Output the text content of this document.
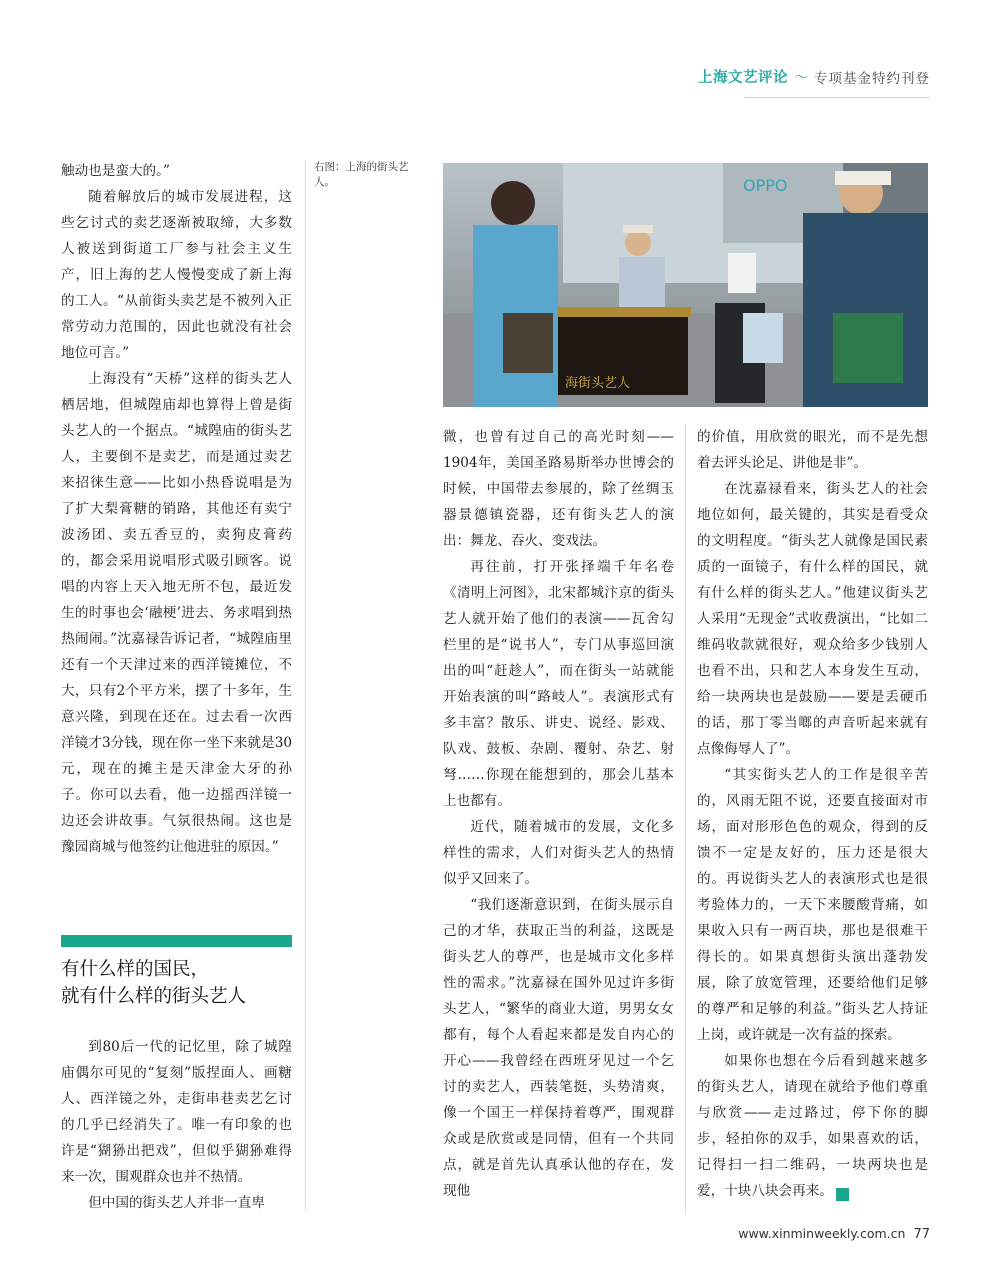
上海文艺评论 〜 专项基金特约刊登

触动也是蛮大的。”

随着解放后的城市发展进程，这些乞讨式的卖艺逐渐被取缔，大多数人被送到街道工厂参与社会主义生产，旧上海的艺人慢慢变成了新上海的工人。“从前街头卖艺是不被列入正常劳动力范围的，因此也就没有社会地位可言。”

上海没有“天桥”这样的街头艺人栖居地，但城隍庙却也算得上曾是街头艺人的一个据点。“城隍庙的街头艺人，主要倒不是卖艺，而是通过卖艺来招徕生意——比如小热昏说唱是为了扩大梨膏糖的销路，其他还有卖宁波汤团、卖五香豆的，卖狗皮膏药的，都会采用说唱形式吸引顾客。说唱的内容上天入地无所不包，最近发生的时事也会‘融梗’进去、务求唱到热热闹闹。”沈嘉禄告诉记者，“城隍庙里还有一个天津过来的西洋镜摊位，不大，只有2个平方米，摆了十多年，生意兴隆，到现在还在。过去看一次西洋镜才3分钱，现在你一坐下来就是30元，现在的摊主是天津金大牙的孙子。你可以去看，他一边摇西洋镜一边还会讲故事。气氛很热闹。这也是豫园商城与他签约让他进驻的原因。”

有什么样的国民，
就有什么样的街头艺人

到80后一代的记忆里，除了城隍庙偶尔可见的“复刻”版捏面人、画糖人、西洋镜之外，走街串巷卖艺乞讨的几乎已经消失了。唯一有印象的也许是“猢狲出把戏”，但似乎猢狲难得来一次，围观群众也并不热情。

但中国的街头艺人并非一直卑

右图：上海的街头艺人。	OPPO
海街头艺人

微，也曾有过自己的高光时刻——1904年，美国圣路易斯举办世博会的时候，中国带去参展的，除了丝绸玉器景德镇瓷器，还有街头艺人的演出：舞龙、吞火、变戏法。

再往前，打开张择端千年名卷《清明上河图》，北宋都城汴京的街头艺人就开始了他们的表演——瓦舍勾栏里的是“说书人”，专门从事巡回演出的叫“赶趁人”，而在街头一站就能开始表演的叫“路岐人”。表演形式有多丰富？散乐、讲史、说经、影戏、队戏、鼓板、杂剧、覆射、杂艺、射弩……你现在能想到的，那会儿基本上也都有。

近代，随着城市的发展，文化多样性的需求，人们对街头艺人的热情似乎又回来了。

“我们逐渐意识到，在街头展示自己的才华，获取正当的利益，这既是街头艺人的尊严，也是城市文化多样性的需求。”沈嘉禄在国外见过许多街头艺人，“繁华的商业大道，男男女女都有，每个人看起来都是发自内心的开心——我曾经在西班牙见过一个乞讨的卖艺人，西装笔挺，头势清爽，像一个国王一样保持着尊严，围观群众或是欣赏或是同情，但有一个共同点，就是首先认真承认他的存在，发现他

的价值，用欣赏的眼光，而不是先想着去评头论足、讲他是非”。

在沈嘉禄看来，街头艺人的社会地位如何，最关键的，其实是看受众的文明程度。“街头艺人就像是国民素质的一面镜子，有什么样的国民，就有什么样的街头艺人。”他建议街头艺人采用“无现金”式收费演出，“比如二维码收款就很好，观众给多少钱别人也看不出，只和艺人本身发生互动，给一块两块也是鼓励——要是丢硬币的话，那丁零当啷的声音听起来就有点像侮辱人了”。

“其实街头艺人的工作是很辛苦的，风雨无阻不说，还要直接面对市场，面对形形色色的观众，得到的反馈不一定是友好的，压力还是很大的。再说街头艺人的表演形式也是很考验体力的，一天下来腰酸背痛，如果收入只有一两百块，那也是很难干得长的。如果真想街头演出蓬勃发展，除了放宽管理，还要给他们足够的尊严和足够的利益。”街头艺人持证上岗，或许就是一次有益的探索。

如果你也想在今后看到越来越多的街头艺人，请现在就给予他们尊重与欣赏——走过路过，停下你的脚步，轻拍你的双手，如果喜欢的话，记得扫一扫二维码，一块两块也是爱，十块八块会再来。	民

www.xinminweekly.com.cn 77
